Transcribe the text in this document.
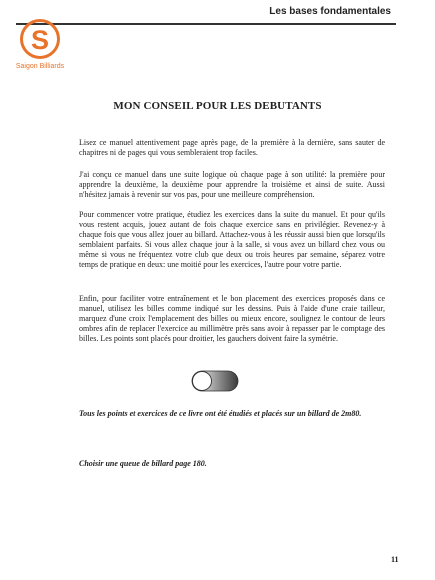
Les bases fondamentales
S
Saigon Billiards
MON CONSEIL POUR LES DEBUTANTS
Lisez ce manuel attentivement page après page, de la première à la dernière, sans sauter de chapitres ni de pages qui vous sembleraient trop faciles.
J'ai conçu ce manuel dans une suite logique où chaque page à son utilité: la première pour apprendre la deuxième, la deuxième pour apprendre la troisième et ainsi de suite. Aussi n'hésitez jamais à revenir sur vos pas, pour une meilleure compréhension.
Pour commencer votre pratique, étudiez les exercices dans la suite du manuel. Et pour qu'ils vous restent acquis, jouez autant de fois chaque exercice sans en privilégier. Revenez-y à chaque fois que vous allez jouer au billard. Attachez-vous à les réussir aussi bien que lorsqu'ils semblaient parfaits. Si vous allez chaque jour à la salle, si vous avez un billard chez vous ou même si vous ne fréquentez votre club que deux ou trois heures par semaine, séparez votre temps de pratique en deux: une moitié pour les exercices, l'autre pour votre partie.
Enfin, pour faciliter votre entraînement et le bon placement des exercices proposés dans ce manuel, utilisez les billes comme indiqué sur les dessins. Puis à l'aide d'une craie tailleur, marquez d'une croix l'emplacement des billes ou mieux encore, soulignez le contour de leurs ombres afin de replacer l'exercice au millimètre près sans avoir à repasser par le comptage des billes. Les points sont placés pour droitier, les gauchers doivent faire la symétrie.
Tous les points et exercices de ce livre ont été étudiés et placés sur un billard de 2m80.
Choisir une queue de billard page 180.
11
